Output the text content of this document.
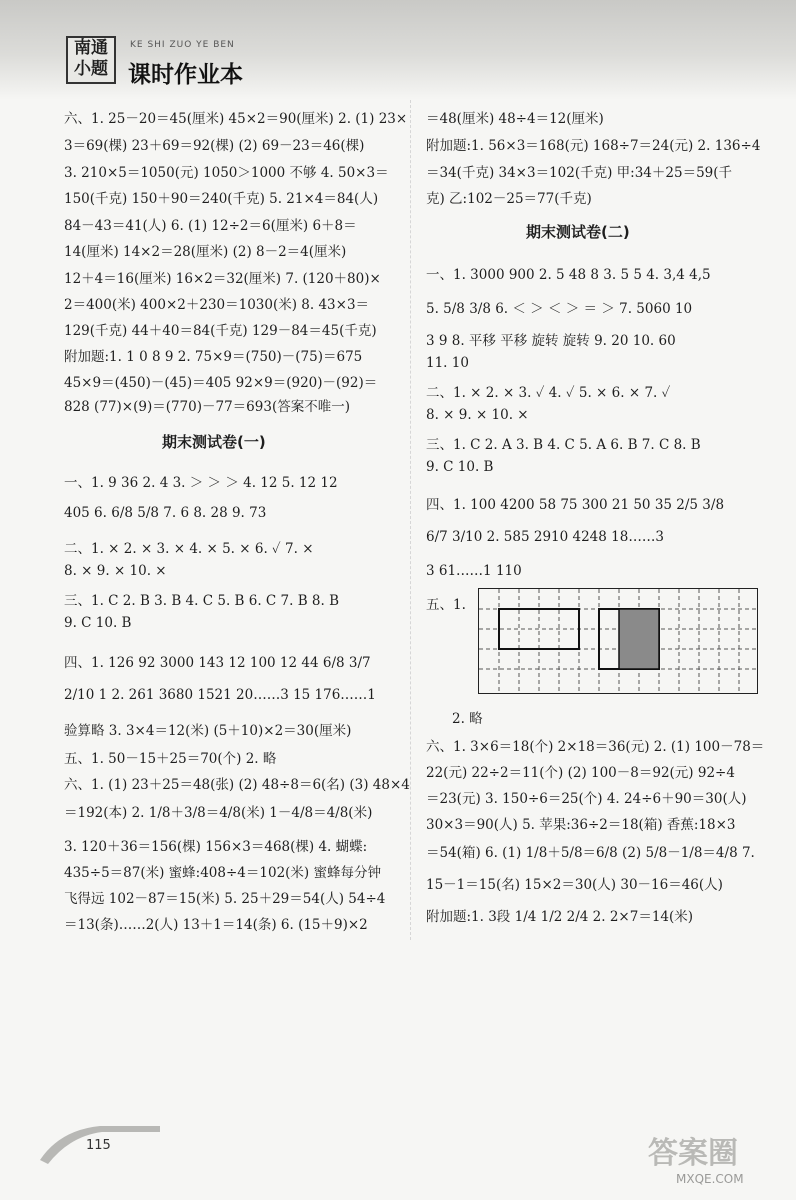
南通
小题
KE SHI ZUO YE BEN
课时作业本
六、1. 25－20＝45(厘米) 45×2＝90(厘米) 2. (1) 23×
3＝69(棵) 23＋69＝92(棵) (2) 69－23＝46(棵)
3. 210×5＝1050(元) 1050＞1000 不够 4. 50×3＝
150(千克) 150＋90＝240(千克) 5. 21×4＝84(人)
84－43＝41(人) 6. (1) 12÷2＝6(厘米) 6＋8＝
14(厘米) 14×2＝28(厘米) (2) 8－2＝4(厘米)
12＋4＝16(厘米) 16×2＝32(厘米) 7. (120＋80)×
2＝400(米) 400×2＋230＝1030(米) 8. 43×3＝
129(千克) 44＋40＝84(千克) 129－84＝45(千克)
附加题:1. 1 0 8 9 2. 75×9＝(750)－(75)＝675
45×9＝(450)－(45)＝405 92×9＝(920)－(92)＝
828 (77)×(9)＝(770)－77＝693(答案不唯一)
期末测试卷(一)
一、1. 9 36 2. 4 3. ＞ ＞ ＞ 4. 12 5. 12 12
405 6. 6/8 5/8 7. 6 8. 28 9. 73
二、1. × 2. × 3. × 4. × 5. × 6. ✓ 7. ×
8. × 9. × 10. ×
三、1. C 2. B 3. B 4. C 5. B 6. C 7. B 8. B
9. C 10. B
四、1. 126 92 3000 143 12 100 12 44 6/8 3/7
2/10 1 2. 261 3680 1521 20……3 15 176……1
验算略 3. 3×4＝12(米) (5＋10)×2＝30(厘米)
五、1. 50－15＋25＝70(个) 2. 略
六、1. (1) 23＋25＝48(张) (2) 48÷8＝6(名) (3) 48×4
＝192(本) 2. 1/8＋3/8＝4/8(米) 1－4/8＝4/8(米)
3. 120＋36＝156(棵) 156×3＝468(棵) 4. 蝴蝶:
435÷5＝87(米) 蜜蜂:408÷4＝102(米) 蜜蜂每分钟
飞得远 102－87＝15(米) 5. 25＋29＝54(人) 54÷4
＝13(条)……2(人) 13＋1＝14(条) 6. (15＋9)×2
＝48(厘米) 48÷4＝12(厘米)
附加题:1. 56×3＝168(元) 168÷7＝24(元) 2. 136÷4
＝34(千克) 34×3＝102(千克) 甲:34＋25＝59(千
克) 乙:102－25＝77(千克)
期末测试卷(二)
一、1. 3000 900 2. 5 48 8 3. 5 5 4. 3,4 4,5
5. 5/8 3/8 6. ＜ ＞ ＜ ＞ ＝ ＞ 7. 5060 10
3 9 8. 平移 平移 旋转 旋转 9. 20 10. 60
11. 10
二、1. × 2. × 3. ✓ 4. ✓ 5. × 6. × 7. ✓
8. × 9. × 10. ×
三、1. C 2. A 3. B 4. C 5. A 6. B 7. C 8. B
9. C 10. B
四、1. 100 4200 58 75 300 21 50 35 2/5 3/8
6/7 3/10 2. 585 2910 4248 18……3
3 61……1 110
五、1.
2. 略
六、1. 3×6＝18(个) 2×18＝36(元) 2. (1) 100－78＝
22(元) 22÷2＝11(个) (2) 100－8＝92(元) 92÷4
＝23(元) 3. 150÷6＝25(个) 4. 24÷6＋90＝30(人)
30×3＝90(人) 5. 苹果:36÷2＝18(箱) 香蕉:18×3
＝54(箱) 6. (1) 1/8＋5/8＝6/8 (2) 5/8－1/8＝4/8 7.
15－1＝15(名) 15×2＝30(人) 30－16＝46(人)
附加题:1. 3段 1/4 1/2 2/4 2. 2×7＝14(米)
115	答案圈
MXQE.COM
